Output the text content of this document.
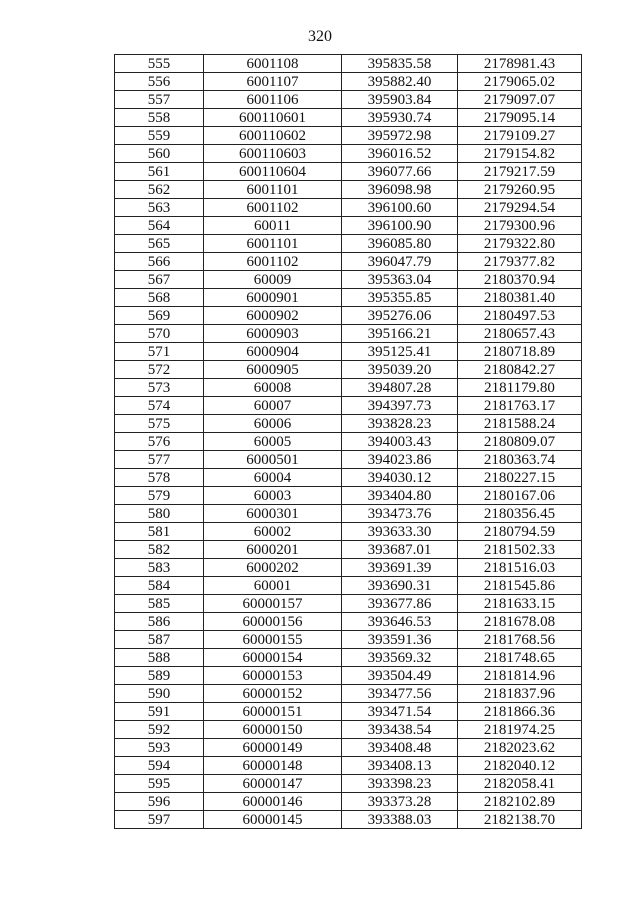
320
555	6001108	395835.58	2178981.43
556	6001107	395882.40	2179065.02
557	6001106	395903.84	2179097.07
558	600110601	395930.74	2179095.14
559	600110602	395972.98	2179109.27
560	600110603	396016.52	2179154.82
561	600110604	396077.66	2179217.59
562	6001101	396098.98	2179260.95
563	6001102	396100.60	2179294.54
564	60011	396100.90	2179300.96
565	6001101	396085.80	2179322.80
566	6001102	396047.79	2179377.82
567	60009	395363.04	2180370.94
568	6000901	395355.85	2180381.40
569	6000902	395276.06	2180497.53
570	6000903	395166.21	2180657.43
571	6000904	395125.41	2180718.89
572	6000905	395039.20	2180842.27
573	60008	394807.28	2181179.80
574	60007	394397.73	2181763.17
575	60006	393828.23	2181588.24
576	60005	394003.43	2180809.07
577	6000501	394023.86	2180363.74
578	60004	394030.12	2180227.15
579	60003	393404.80	2180167.06
580	6000301	393473.76	2180356.45
581	60002	393633.30	2180794.59
582	6000201	393687.01	2181502.33
583	6000202	393691.39	2181516.03
584	60001	393690.31	2181545.86
585	60000157	393677.86	2181633.15
586	60000156	393646.53	2181678.08
587	60000155	393591.36	2181768.56
588	60000154	393569.32	2181748.65
589	60000153	393504.49	2181814.96
590	60000152	393477.56	2181837.96
591	60000151	393471.54	2181866.36
592	60000150	393438.54	2181974.25
593	60000149	393408.48	2182023.62
594	60000148	393408.13	2182040.12
595	60000147	393398.23	2182058.41
596	60000146	393373.28	2182102.89
597	60000145	393388.03	2182138.70
